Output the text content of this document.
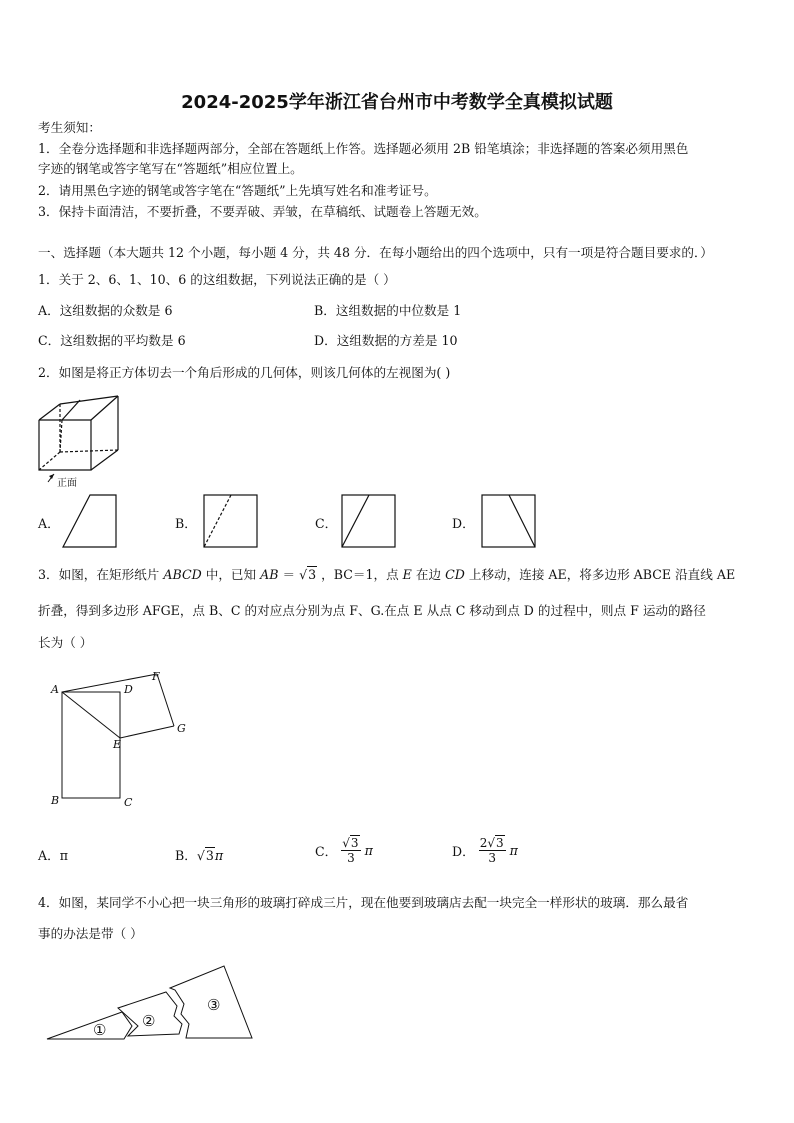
2024-2025学年浙江省台州市中考数学全真模拟试题
考生须知：
1．全卷分选择题和非选择题两部分，全部在答题纸上作答。选择题必须用 2B 铅笔填涂；非选择题的答案必须用黑色
字迹的钢笔或答字笔写在“答题纸”相应位置上。
2．请用黑色字迹的钢笔或答字笔在“答题纸”上先填写姓名和准考证号。
3．保持卡面清洁，不要折叠，不要弄破、弄皱，在草稿纸、试题卷上答题无效。
一、选择题（本大题共 12 个小题，每小题 4 分，共 48 分．在每小题给出的四个选项中，只有一项是符合题目要求的．）
1．关于 2、6、1、10、6 的这组数据，下列说法正确的是（ ）
A．这组数据的众数是 6	B．这组数据的中位数是 1
C．这组数据的平均数是 6	D．这组数据的方差是 10
2．如图是将正方体切去一个角后形成的几何体，则该几何体的左视图为( )
正面
A．	B．	C．	D．
3．如图，在矩形纸片 ABCD 中，已知 AB ＝ √3 ，BC＝1，点 E 在边 CD 上移动，连接 AE，将多边形 ABCE 沿直线 AE
折叠，得到多边形 AFGE，点 B、C 的对应点分别为点 F、G.在点 E 从点 C 移动到点 D 的过程中，则点 F 运动的路径
长为（ ）
A	D
F
G
E
B	C
A．π	B．√3π	C． $\frac{√3}{3}$ π	D． $\frac{2√3}{3}$ π
4．如图，某同学不小心把一块三角形的玻璃打碎成三片，现在他要到玻璃店去配一块完全一样形状的玻璃．那么最省
事的办法是带（ ）
① ②
③
